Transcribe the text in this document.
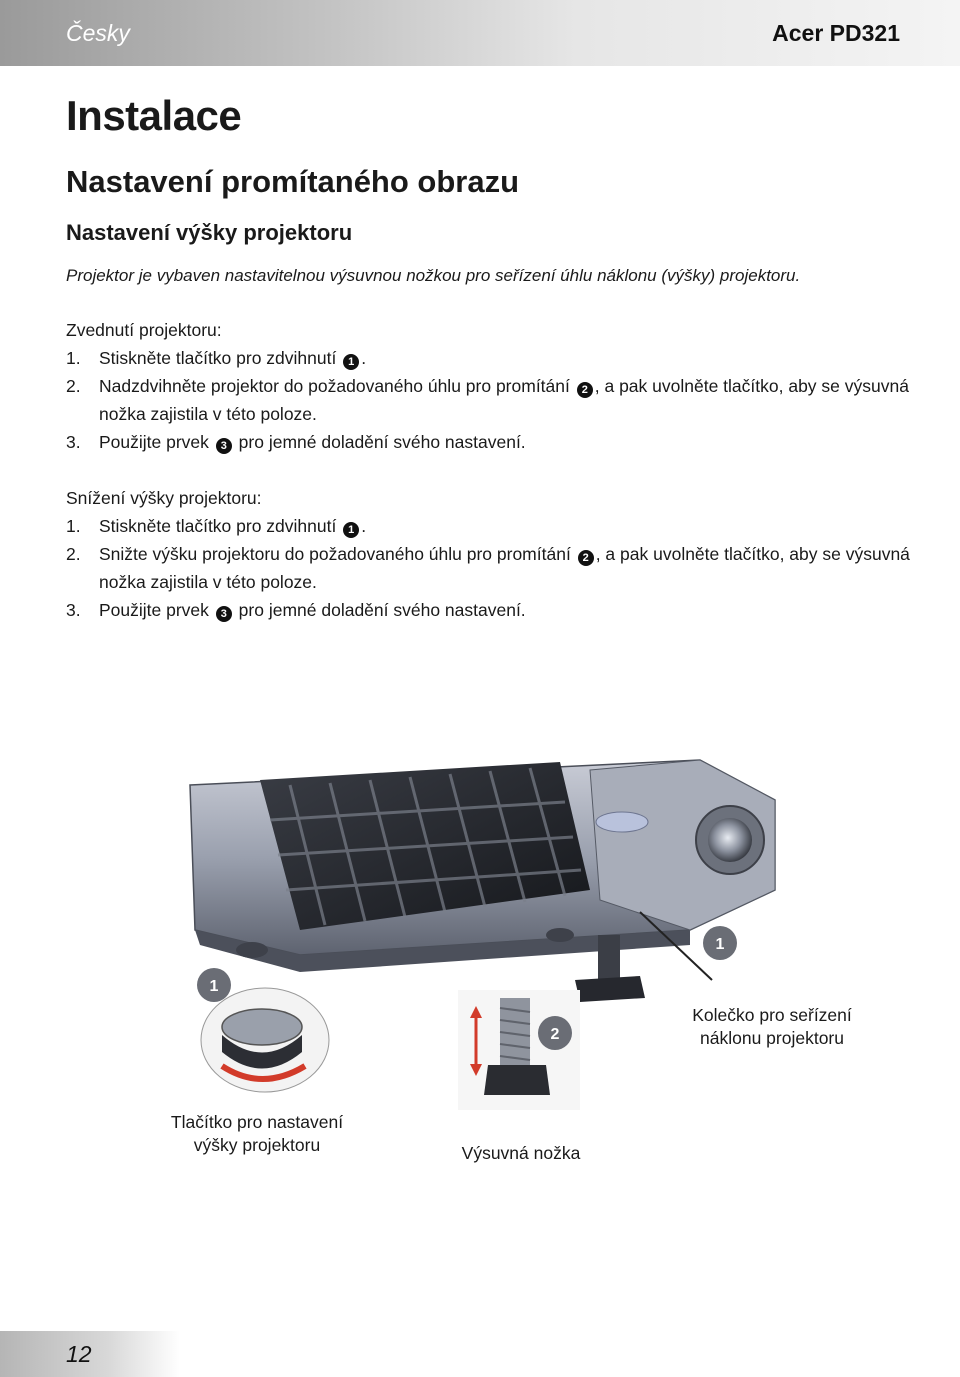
Česky	Acer PD321
Instalace
Nastavení promítaného obrazu
Nastavení výšky projektoru
Projektor je vybaven nastavitelnou výsuvnou nožkou pro seřízení úhlu náklonu (výšky) projektoru.
Zvednutí projektoru:
1.	Stiskněte tlačítko pro zdvihnutí 1 .
2.	Nadzdvihněte projektor do požadovaného úhlu pro promítání 2 , a pak uvolněte tlačítko, aby se výsuvná nožka zajistila v této poloze.
3.	Použijte prvek 3 pro jemné doladění svého nastavení.
Snížení výšky projektoru:
1.	Stiskněte tlačítko pro zdvihnutí 1 .
2.	Snižte výšku projektoru do požadovaného úhlu pro promítání 2 , a pak uvolněte tlačítko, aby se výsuvná nožka zajistila v této poloze.
3.	Použijte prvek 3 pro jemné doladění svého nastavení.
1
1
2
Kolečko pro seřízení
náklonu projektoru
Tlačítko pro nastavení
výšky projektoru	Výsuvná nožka
12
